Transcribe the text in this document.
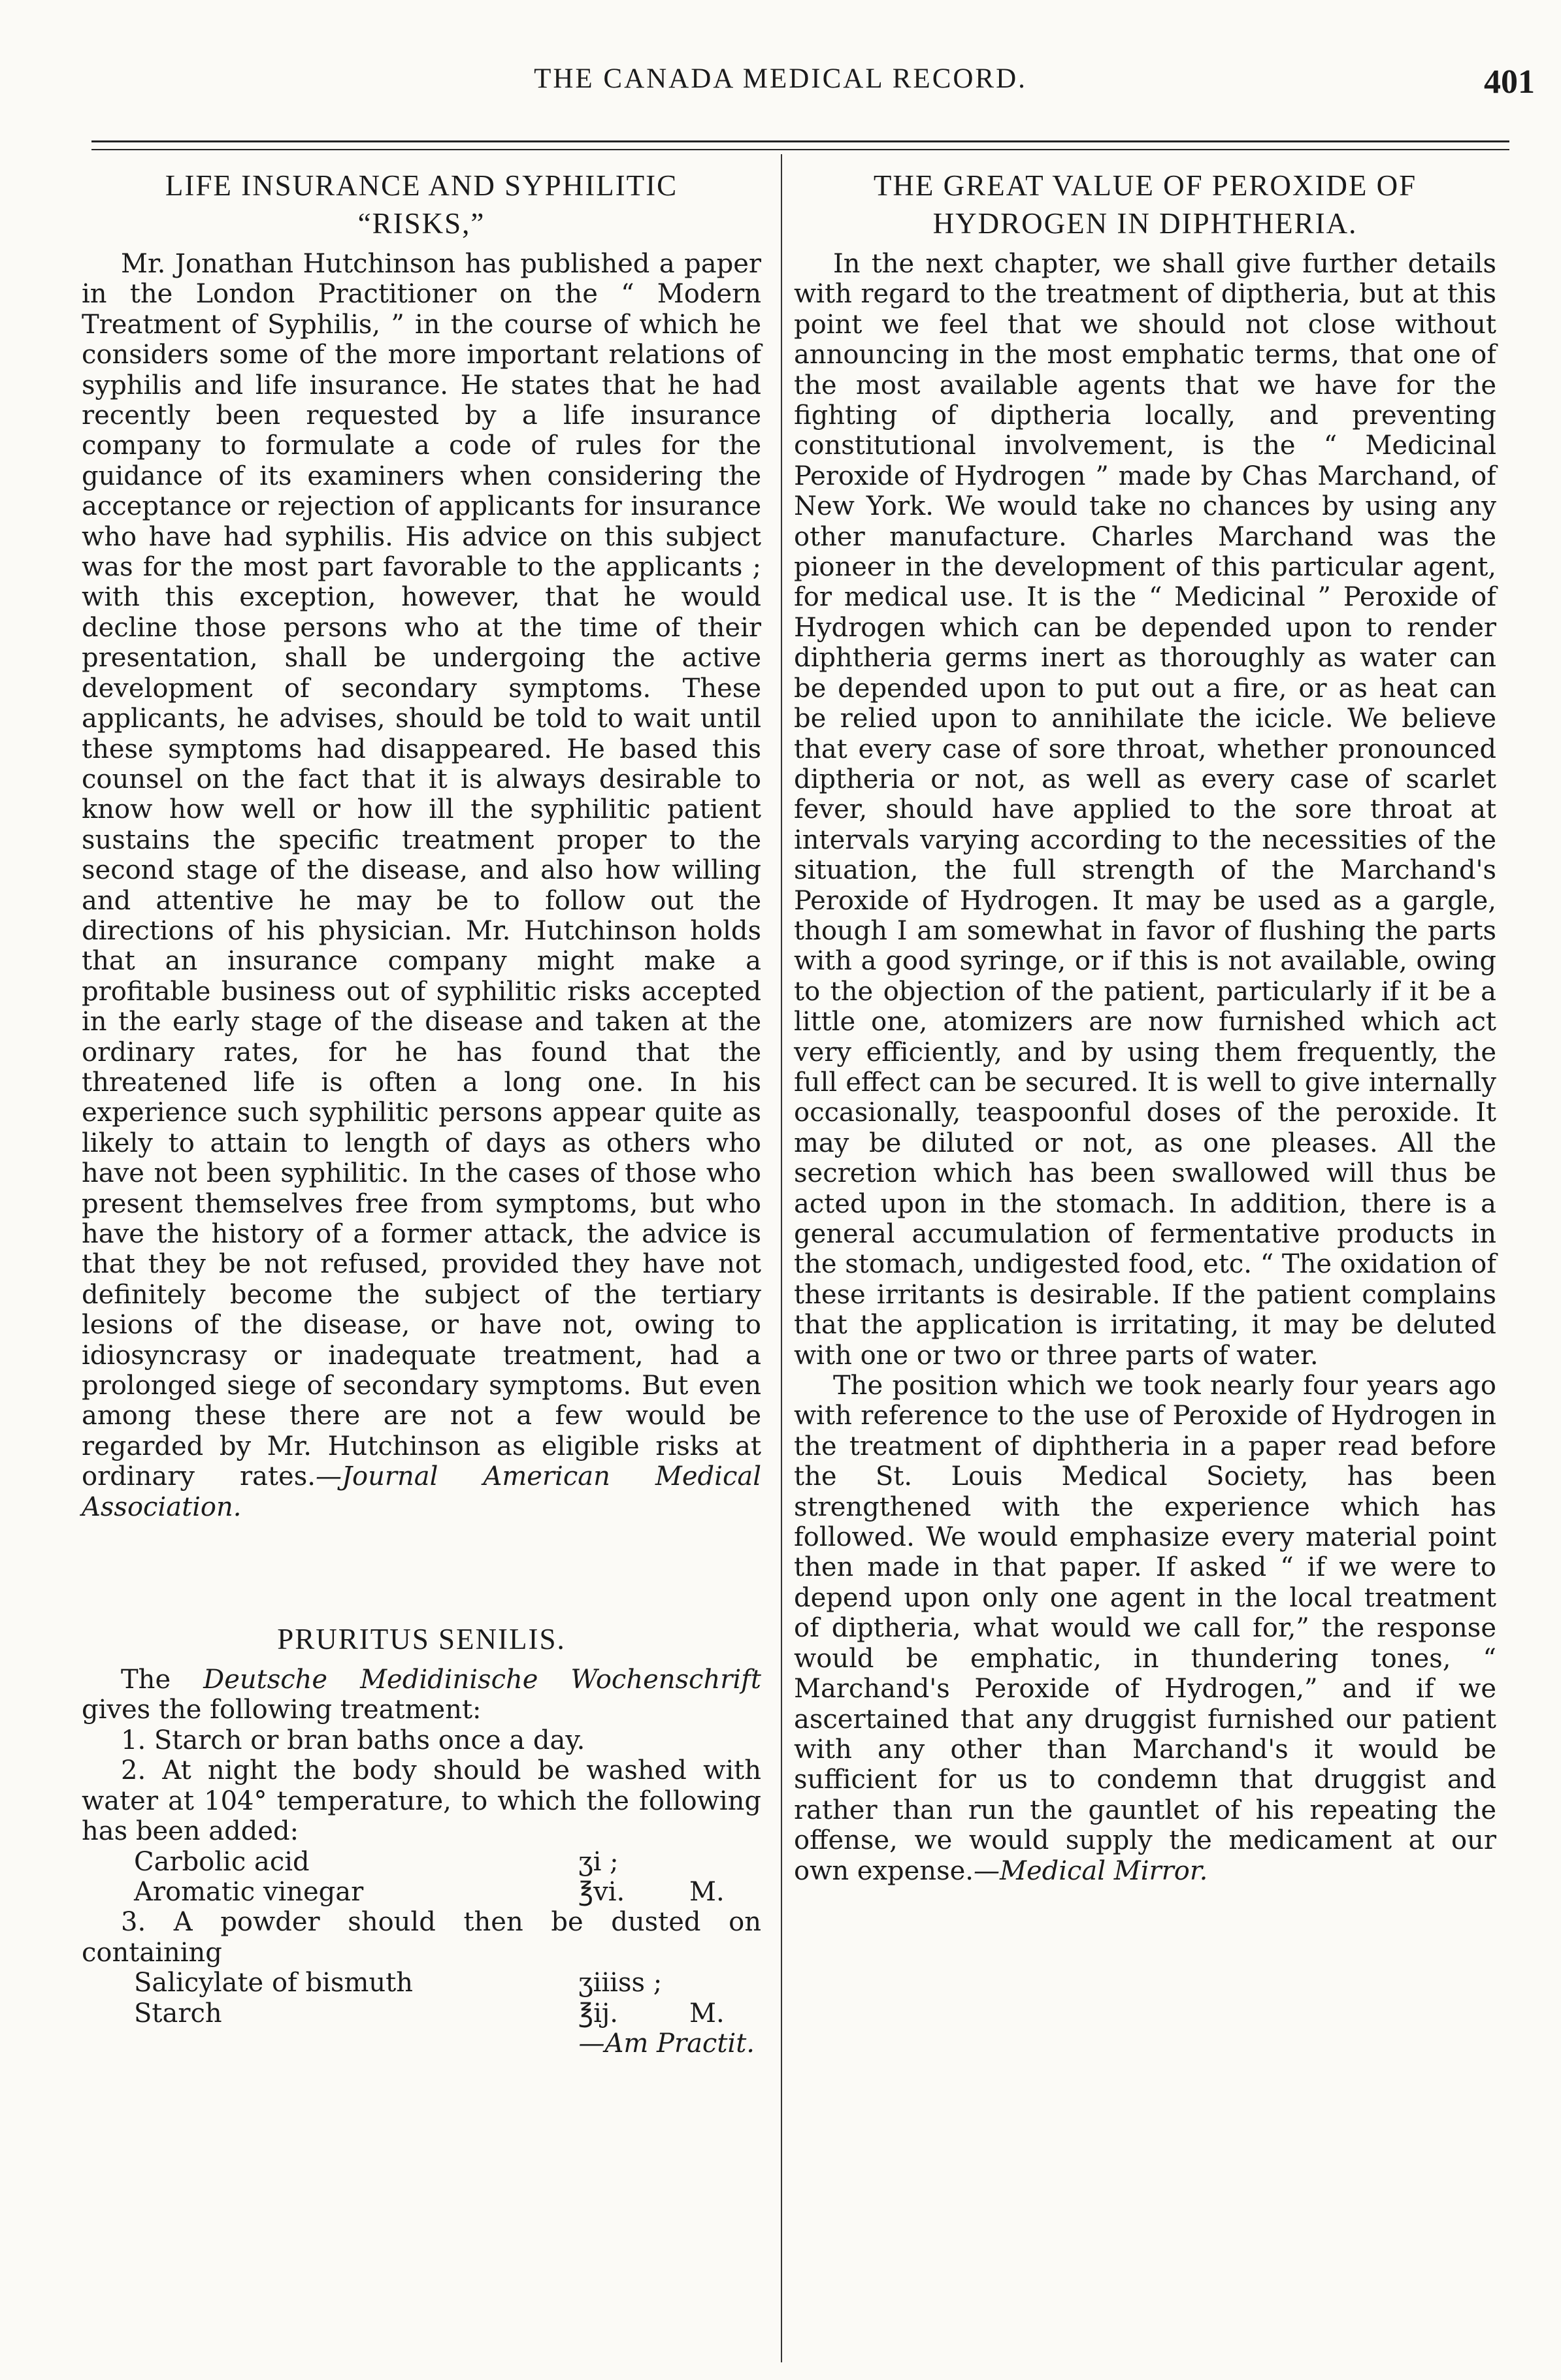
THE CANADA MEDICAL RECORD.	401
LIFE INSURANCE AND SYPHILITIC
“RISKS,”

Mr. Jonathan Hutchinson has published a paper in the London Practitioner on the “ Modern Treatment of Syphilis, ” in the course of which he considers some of the more important relations of syphilis and life insurance. He states that he had recently been requested by a life insurance company to formulate a code of rules for the guidance of its examiners when considering the acceptance or rejection of applicants for insurance who have had syphilis. His advice on this subject was for the most part favorable to the applicants ; with this exception, however, that he would decline those persons who at the time of their presentation, shall be undergoing the active development of secondary symptoms. These applicants, he advises, should be told to wait until these symptoms had disappeared. He based this counsel on the fact that it is always desirable to know how well or how ill the syphilitic patient sustains the specific treatment proper to the second stage of the disease, and also how willing and attentive he may be to follow out the directions of his physician. Mr. Hutchinson holds that an insurance company might make a profitable business out of syphilitic risks accepted in the early stage of the disease and taken at the ordinary rates, for he has found that the threatened life is often a long one. In his experience such syphilitic persons appear quite as likely to attain to length of days as others who have not been syphilitic. In the cases of those who present themselves free from symptoms, but who have the history of a former attack, the advice is that they be not refused, provided they have not definitely become the subject of the tertiary lesions of the disease, or have not, owing to idiosyncrasy or inadequate treatment, had a prolonged siege of secondary symptoms. But even among these there are not a few would be regarded by Mr. Hutchinson as eligible risks at ordinary rates.—Journal American Medical Association.

PRURITUS SENILIS.

The Deutsche Medidinische Wochenschrift gives the following treatment:

1. Starch or bran baths once a day.
2. At night the body should be washed with water at 104° temperature, to which the following has been added:
Carbolic acid	ʒi ;
Aromatic vinegar	℥vi.	M.
3. A powder should then be dusted on containing
Salicylate of bismuth	ʒiiiss ;
Starch	℥ij.	M.
—Am Practit.
THE GREAT VALUE OF PEROXIDE OF
HYDROGEN IN DIPHTHERIA.

In the next chapter, we shall give further details with regard to the treatment of diptheria, but at this point we feel that we should not close without announcing in the most emphatic terms, that one of the most available agents that we have for the fighting of diptheria locally, and preventing constitutional involvement, is the “ Medicinal Peroxide of Hydrogen ” made by Chas Marchand, of New York. We would take no chances by using any other manufacture. Charles Marchand was the pioneer in the development of this particular agent, for medical use. It is the “ Medicinal ” Peroxide of Hydrogen which can be depended upon to render diphtheria germs inert as thoroughly as water can be depended upon to put out a fire, or as heat can be relied upon to annihilate the icicle. We believe that every case of sore throat, whether pronounced diptheria or not, as well as every case of scarlet fever, should have applied to the sore throat at intervals varying according to the necessities of the situation, the full strength of the Marchand's Peroxide of Hydrogen. It may be used as a gargle, though I am somewhat in favor of flushing the parts with a good syringe, or if this is not available, owing to the objection of the patient, particularly if it be a little one, atomizers are now furnished which act very efficiently, and by using them frequently, the full effect can be secured. It is well to give internally occasionally, teaspoonful doses of the peroxide. It may be diluted or not, as one pleases. All the secretion which has been swallowed will thus be acted upon in the stomach. In addition, there is a general accumulation of fermentative products in the stomach, undigested food, etc. “ The oxidation of these irritants is desirable. If the patient complains that the application is irritating, it may be deluted with one or two or three parts of water.

The position which we took nearly four years ago with reference to the use of Peroxide of Hydrogen in the treatment of diphtheria in a paper read before the St. Louis Medical Society, has been strengthened with the experience which has followed. We would emphasize every material point then made in that paper. If asked “ if we were to depend upon only one agent in the local treatment of diptheria, what would we call for,” the response would be emphatic, in thundering tones, “ Marchand's Peroxide of Hydrogen,” and if we ascertained that any druggist furnished our patient with any other than Marchand's it would be sufficient for us to condemn that druggist and rather than run the gauntlet of his repeating the offense, we would supply the medicament at our own expense.—Medical Mirror.
